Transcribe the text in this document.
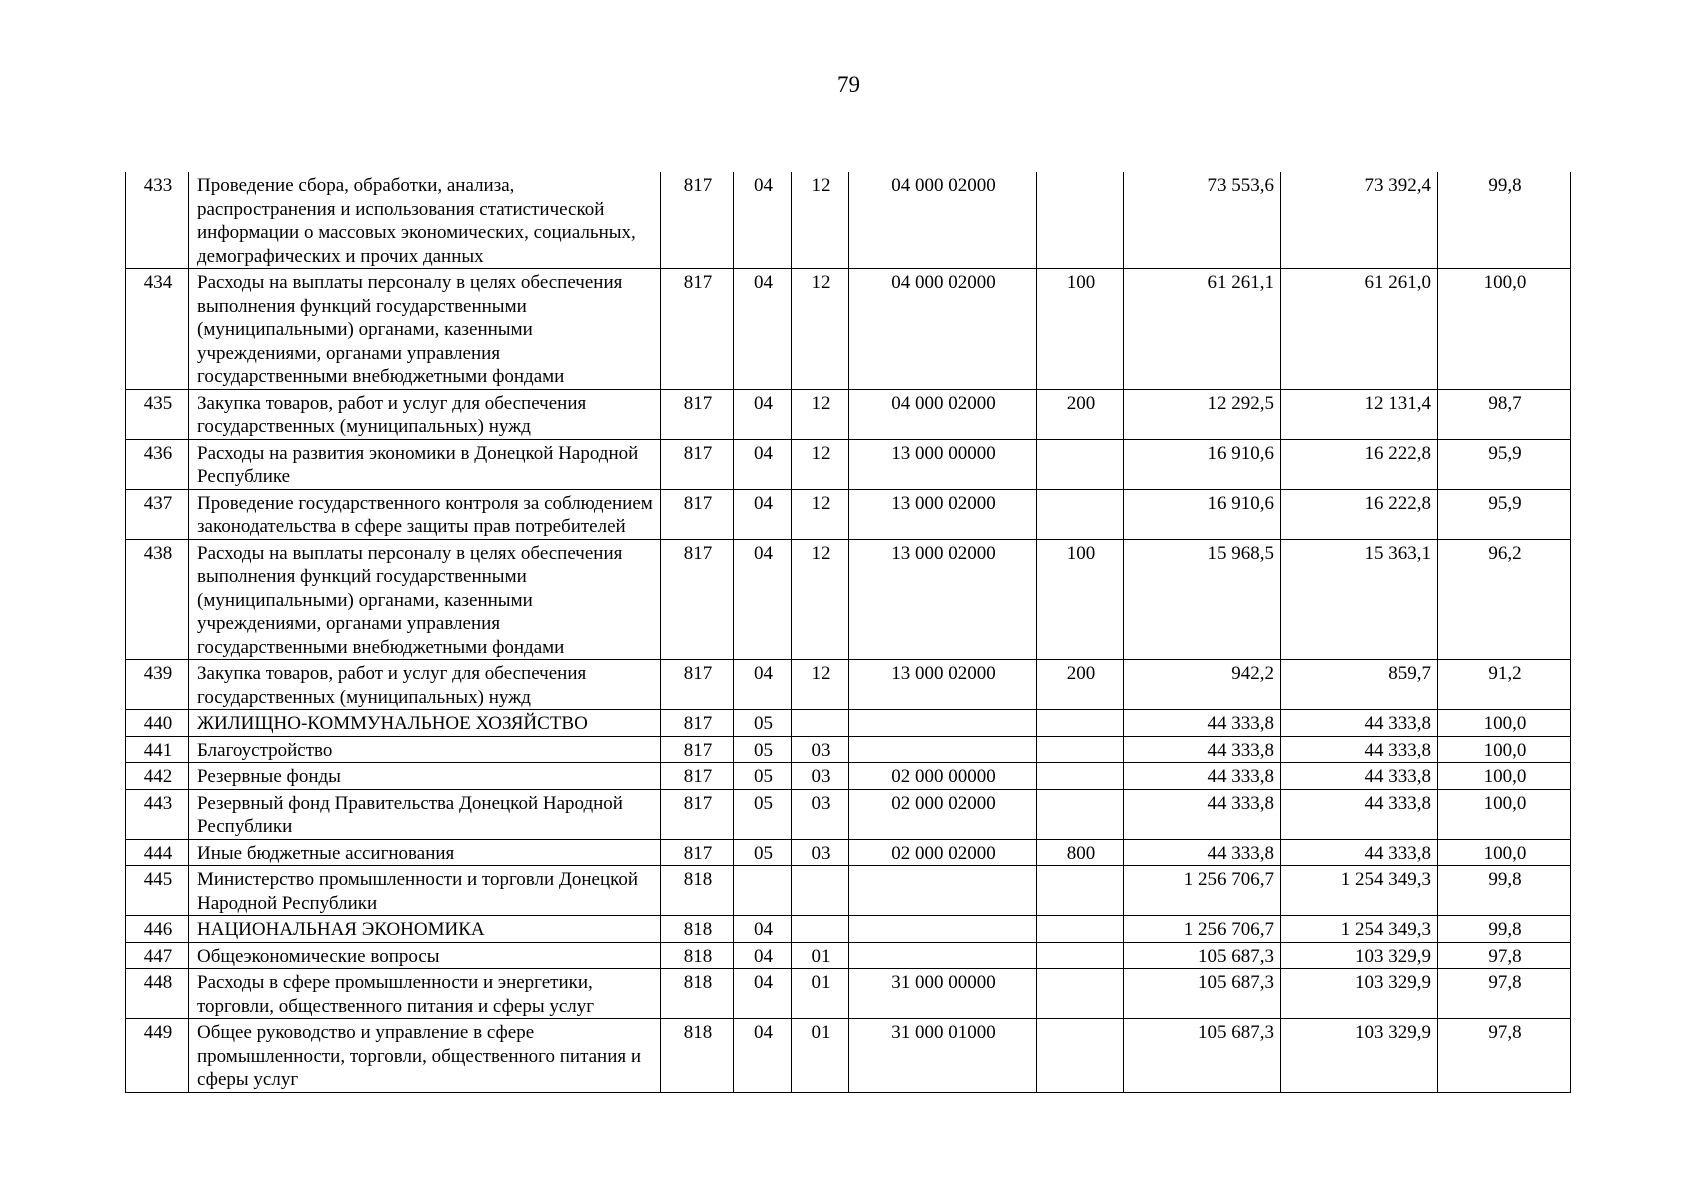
79
433	Проведение сбора, обработки, анализа, распространения и использования статистической информации о массовых экономических, социальных, демографических и прочих данных	817	04	12	04 000 02000		73 553,6	73 392,4	99,8
434	Расходы на выплаты персоналу в целях обеспечения выполнения функций государственными (муниципальными) органами, казенными учреждениями, органами управления государственными внебюджетными фондами	817	04	12	04 000 02000	100	61 261,1	61 261,0	100,0
435	Закупка товаров, работ и услуг для обеспечения государственных (муниципальных) нужд	817	04	12	04 000 02000	200	12 292,5	12 131,4	98,7
436	Расходы на развития экономики в Донецкой Народной Республике	817	04	12	13 000 00000		16 910,6	16 222,8	95,9
437	Проведение государственного контроля за соблюдением законодательства в сфере защиты прав потребителей	817	04	12	13 000 02000		16 910,6	16 222,8	95,9
438	Расходы на выплаты персоналу в целях обеспечения выполнения функций государственными (муниципальными) органами, казенными учреждениями, органами управления государственными внебюджетными фондами	817	04	12	13 000 02000	100	15 968,5	15 363,1	96,2
439	Закупка товаров, работ и услуг для обеспечения государственных (муниципальных) нужд	817	04	12	13 000 02000	200	942,2	859,7	91,2
440	ЖИЛИЩНО-КОММУНАЛЬНОЕ ХОЗЯЙСТВО	817	05				44 333,8	44 333,8	100,0
441	Благоустройство	817	05	03			44 333,8	44 333,8	100,0
442	Резервные фонды	817	05	03	02 000 00000		44 333,8	44 333,8	100,0
443	Резервный фонд Правительства Донецкой Народной Республики	817	05	03	02 000 02000		44 333,8	44 333,8	100,0
444	Иные бюджетные ассигнования	817	05	03	02 000 02000	800	44 333,8	44 333,8	100,0
445	Министерство промышленности и торговли Донецкой Народной Республики	818					1 256 706,7	1 254 349,3	99,8
446	НАЦИОНАЛЬНАЯ ЭКОНОМИКА	818	04				1 256 706,7	1 254 349,3	99,8
447	Общеэкономические вопросы	818	04	01			105 687,3	103 329,9	97,8
448	Расходы в сфере промышленности и энергетики, торговли, общественного питания и сферы услуг	818	04	01	31 000 00000		105 687,3	103 329,9	97,8
449	Общее руководство и управление в сфере промышленности, торговли, общественного питания и сферы услуг	818	04	01	31 000 01000		105 687,3	103 329,9	97,8
